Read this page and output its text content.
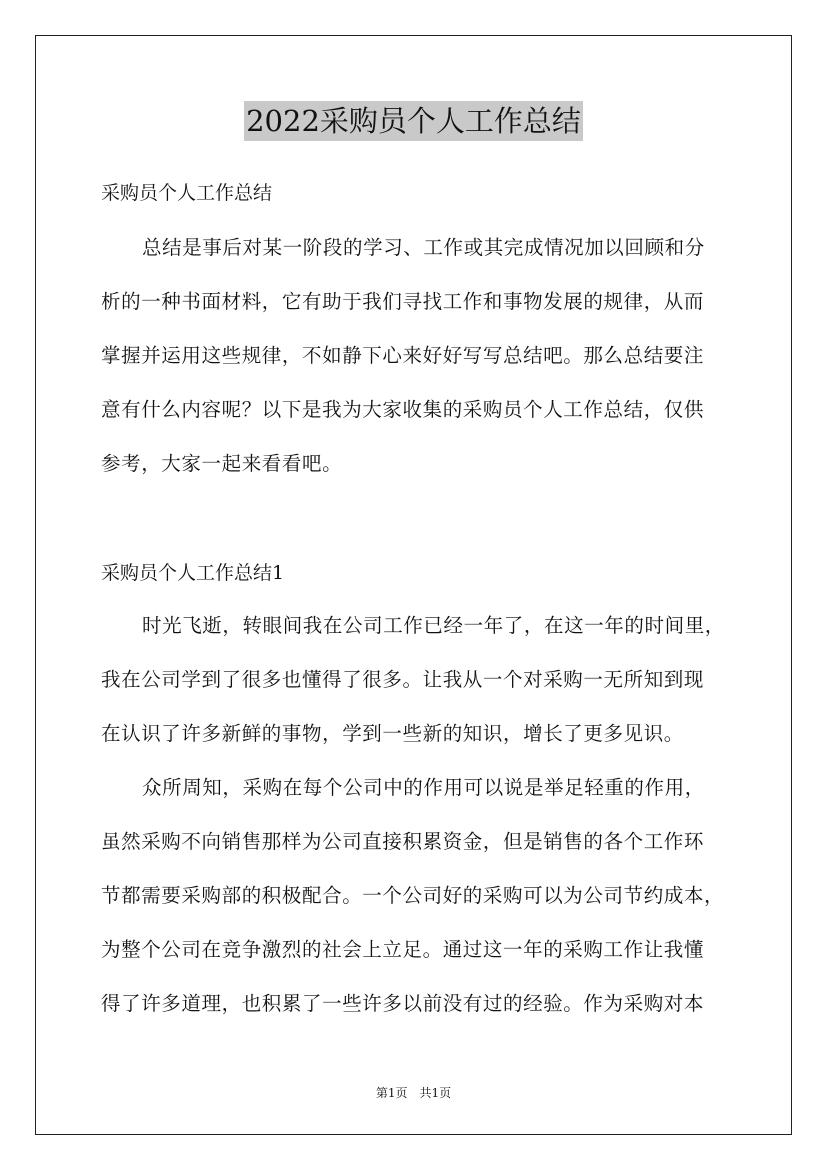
2022采购员个人工作总结
采购员个人工作总结
总结是事后对某一阶段的学习、工作或其完成情况加以回顾和分
析的一种书面材料，它有助于我们寻找工作和事物发展的规律，从而
掌握并运用这些规律，不如静下心来好好写写总结吧。那么总结要注
意有什么内容呢？以下是我为大家收集的采购员个人工作总结，仅供
参考，大家一起来看看吧。
采购员个人工作总结1
时光飞逝，转眼间我在公司工作已经一年了，在这一年的时间里，
我在公司学到了很多也懂得了很多。让我从一个对采购一无所知到现
在认识了许多新鲜的事物，学到一些新的知识，增长了更多见识。
众所周知，采购在每个公司中的作用可以说是举足轻重的作用，
虽然采购不向销售那样为公司直接积累资金，但是销售的各个工作环
节都需要采购部的积极配合。一个公司好的采购可以为公司节约成本，
为整个公司在竞争激烈的社会上立足。通过这一年的采购工作让我懂
得了许多道理，也积累了一些许多以前没有过的经验。作为采购对本
第1页　共1页
